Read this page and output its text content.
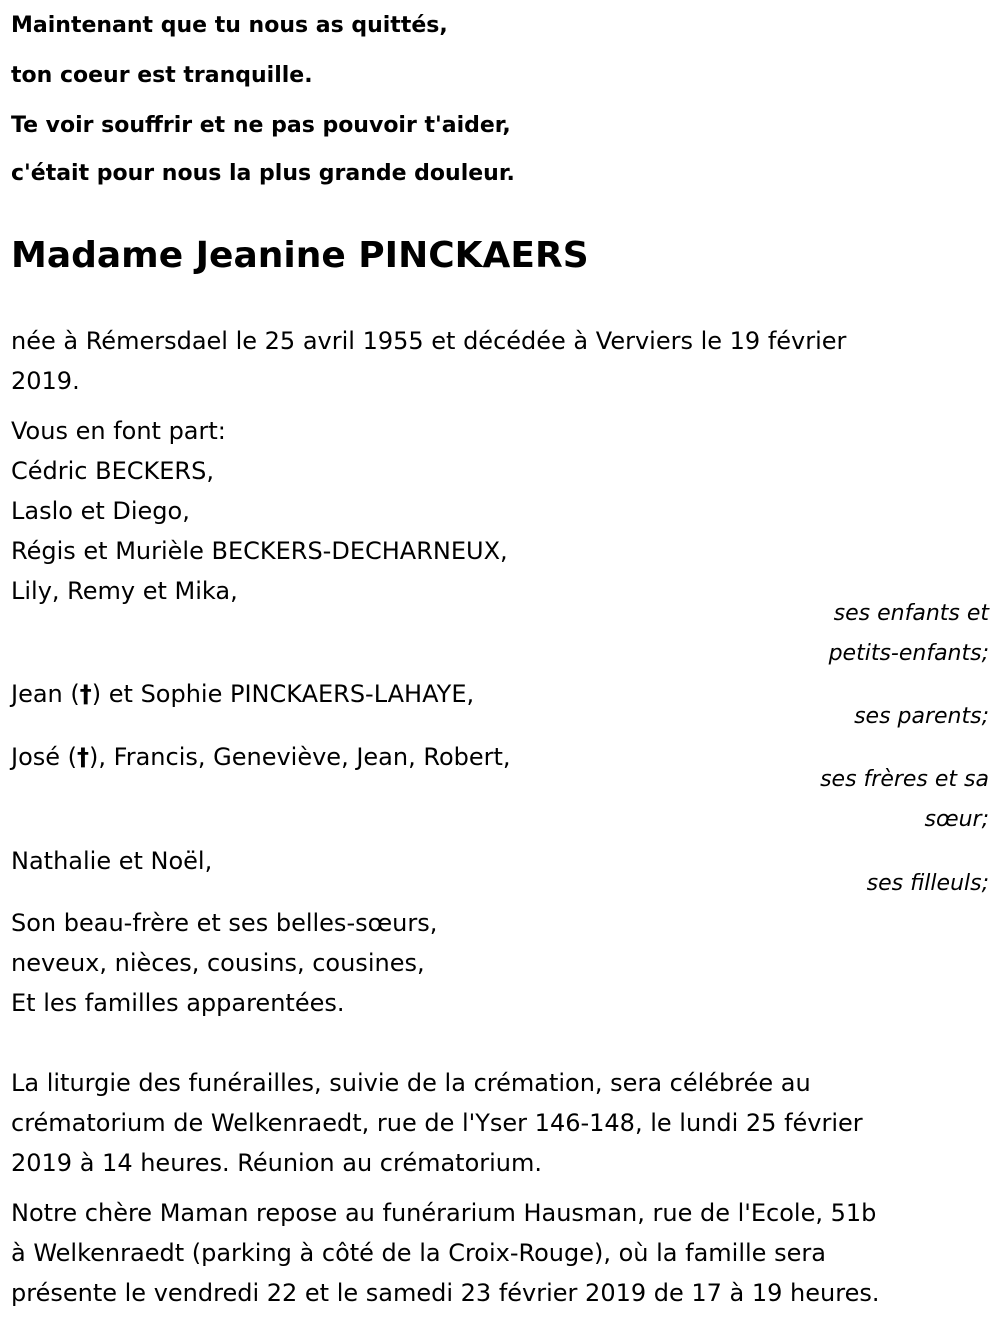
Maintenant que tu nous as quittés,
ton coeur est tranquille.
Te voir souffrir et ne pas pouvoir t'aider,
c'était pour nous la plus grande douleur.
Madame Jeanine PINCKAERS
née à Rémersdael le 25 avril 1955 et décédée à Verviers le 19 février
2019.
Vous en font part:
Cédric BECKERS,
Laslo et Diego,
Régis et Murièle BECKERS-DECHARNEUX,
Lily, Remy et Mika,
ses enfants et
petits-enfants;
Jean (†) et Sophie PINCKAERS-LAHAYE,
ses parents;
José (†), Francis, Geneviève, Jean, Robert,
ses frères et sa
sœur;
Nathalie et Noël,
ses filleuls;
Son beau-frère et ses belles-sœurs,
neveux, nièces, cousins, cousines,
Et les familles apparentées.
La liturgie des funérailles, suivie de la crémation, sera célébrée au
crématorium de Welkenraedt, rue de l'Yser 146-148, le lundi 25 février
2019 à 14 heures. Réunion au crématorium.
Notre chère Maman repose au funérarium Hausman, rue de l'Ecole, 51b
à Welkenraedt (parking à côté de la Croix-Rouge), où la famille sera
présente le vendredi 22 et le samedi 23 février 2019 de 17 à 19 heures.
